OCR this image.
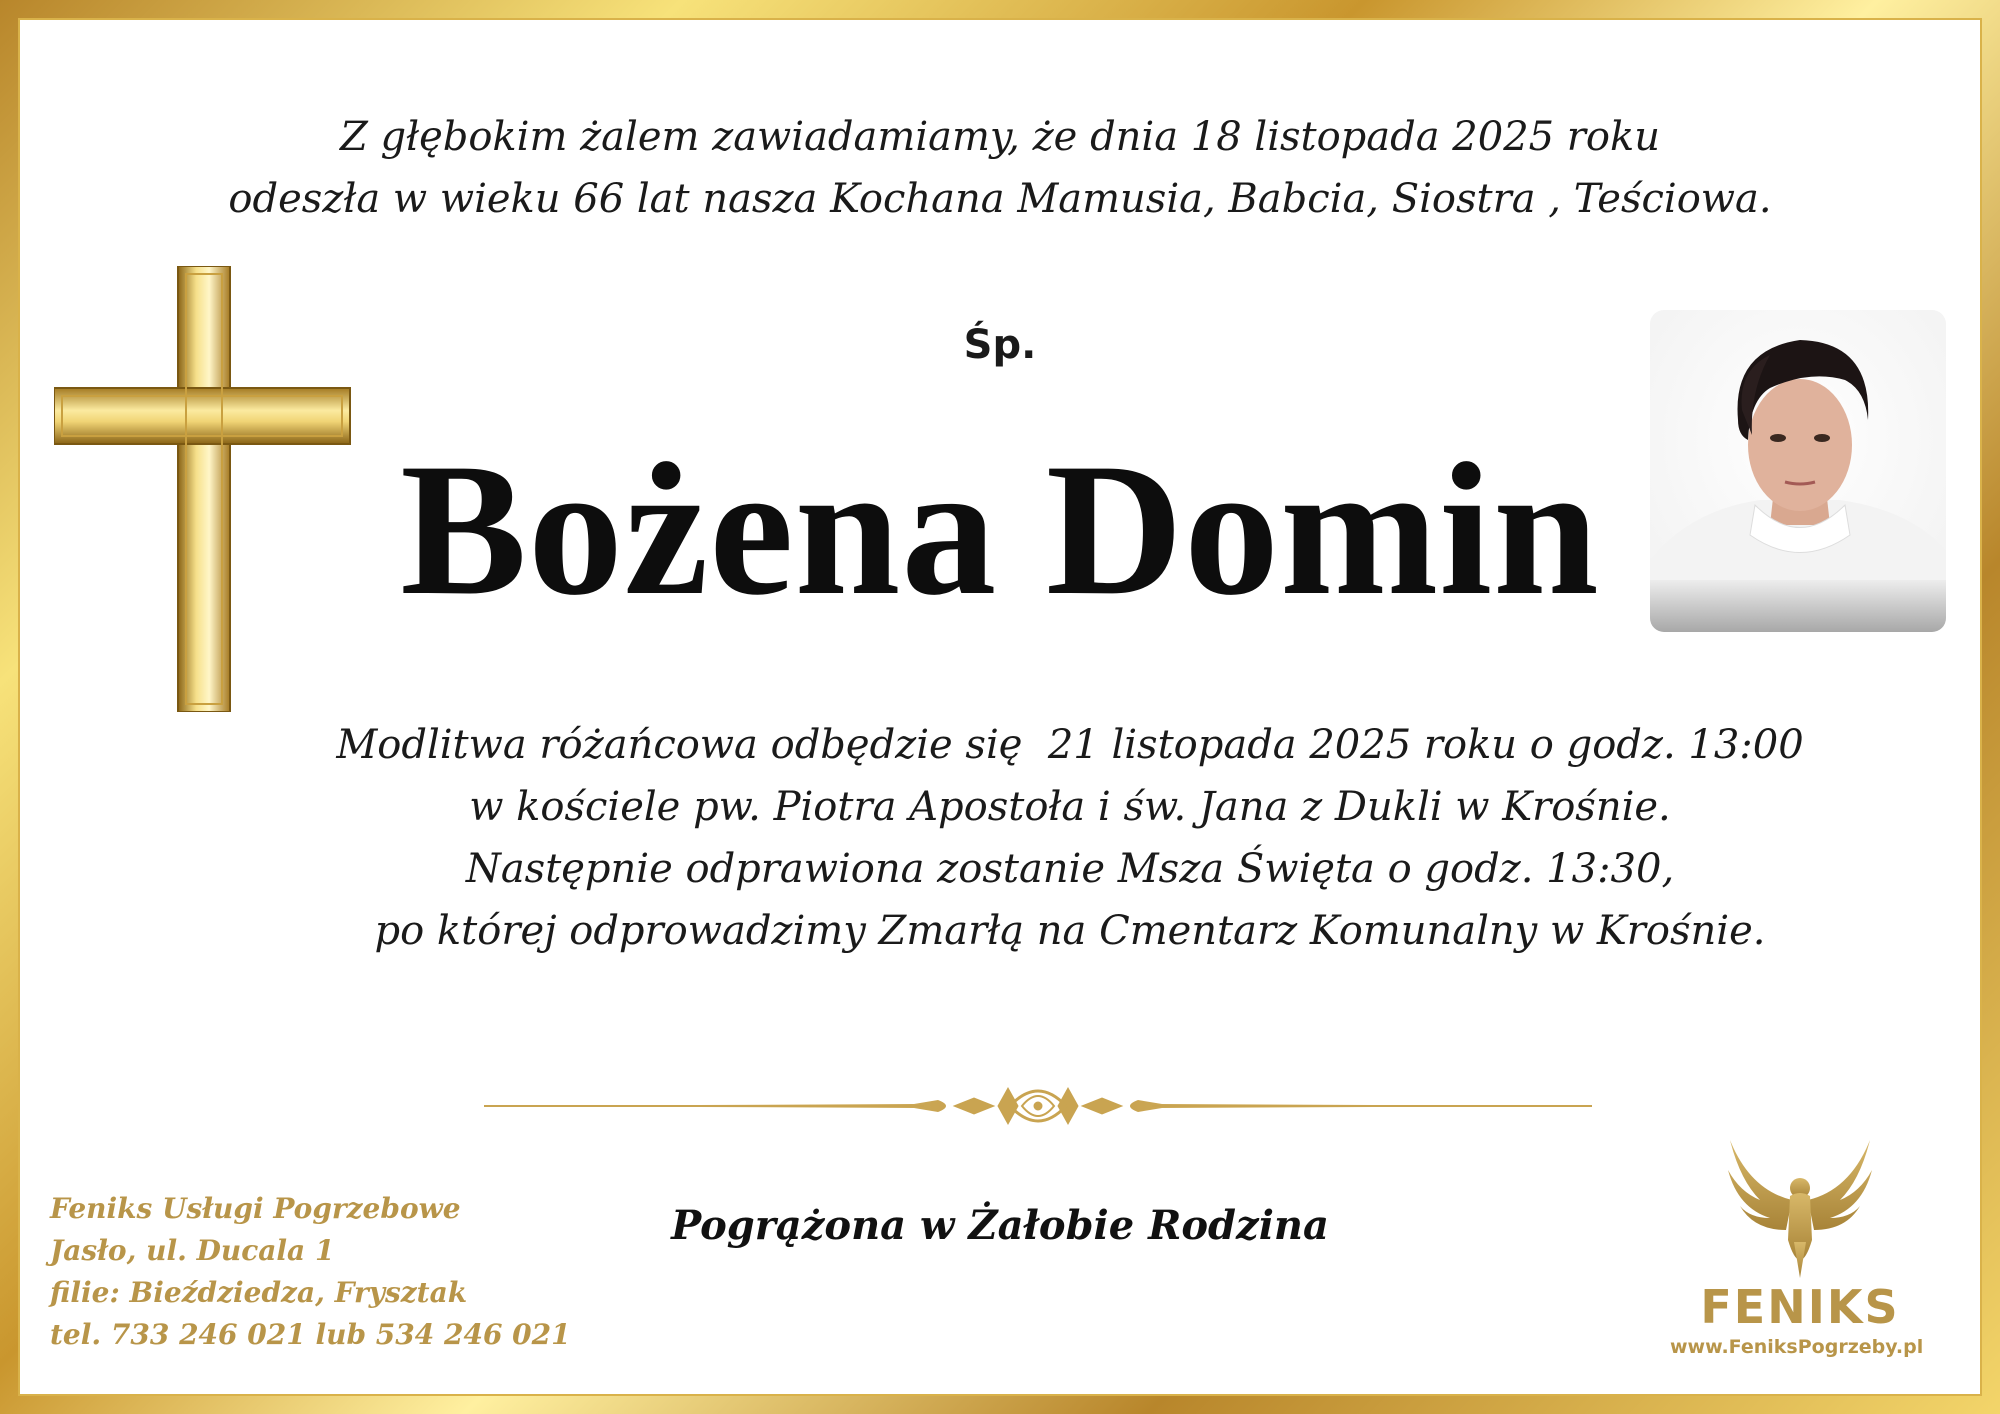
Z głębokim żalem zawiadamiamy, że dnia 18 listopada 2025 roku
odeszła w wieku 66 lat nasza Kochana Mamusia, Babcia, Siostra , Teściowa.
Śp.
Bożena Domin
Modlitwa różańcowa odbędzie się  21 listopada 2025 roku o godz. 13:00
w kościele pw. Piotra Apostoła i św. Jana z Dukli w Krośnie.
Następnie odprawiona zostanie Msza Święta o godz. 13:30,
po której odprowadzimy Zmarłą na Cmentarz Komunalny w Krośnie.
Pogrążona w Żałobie Rodzina
Feniks Usługi Pogrzebowe
Jasło, ul. Ducala 1
filie: Bieździedza, Frysztak
tel. 733 246 021 lub 534 246 021
FENIKS
www.FeniksPogrzeby.pl
